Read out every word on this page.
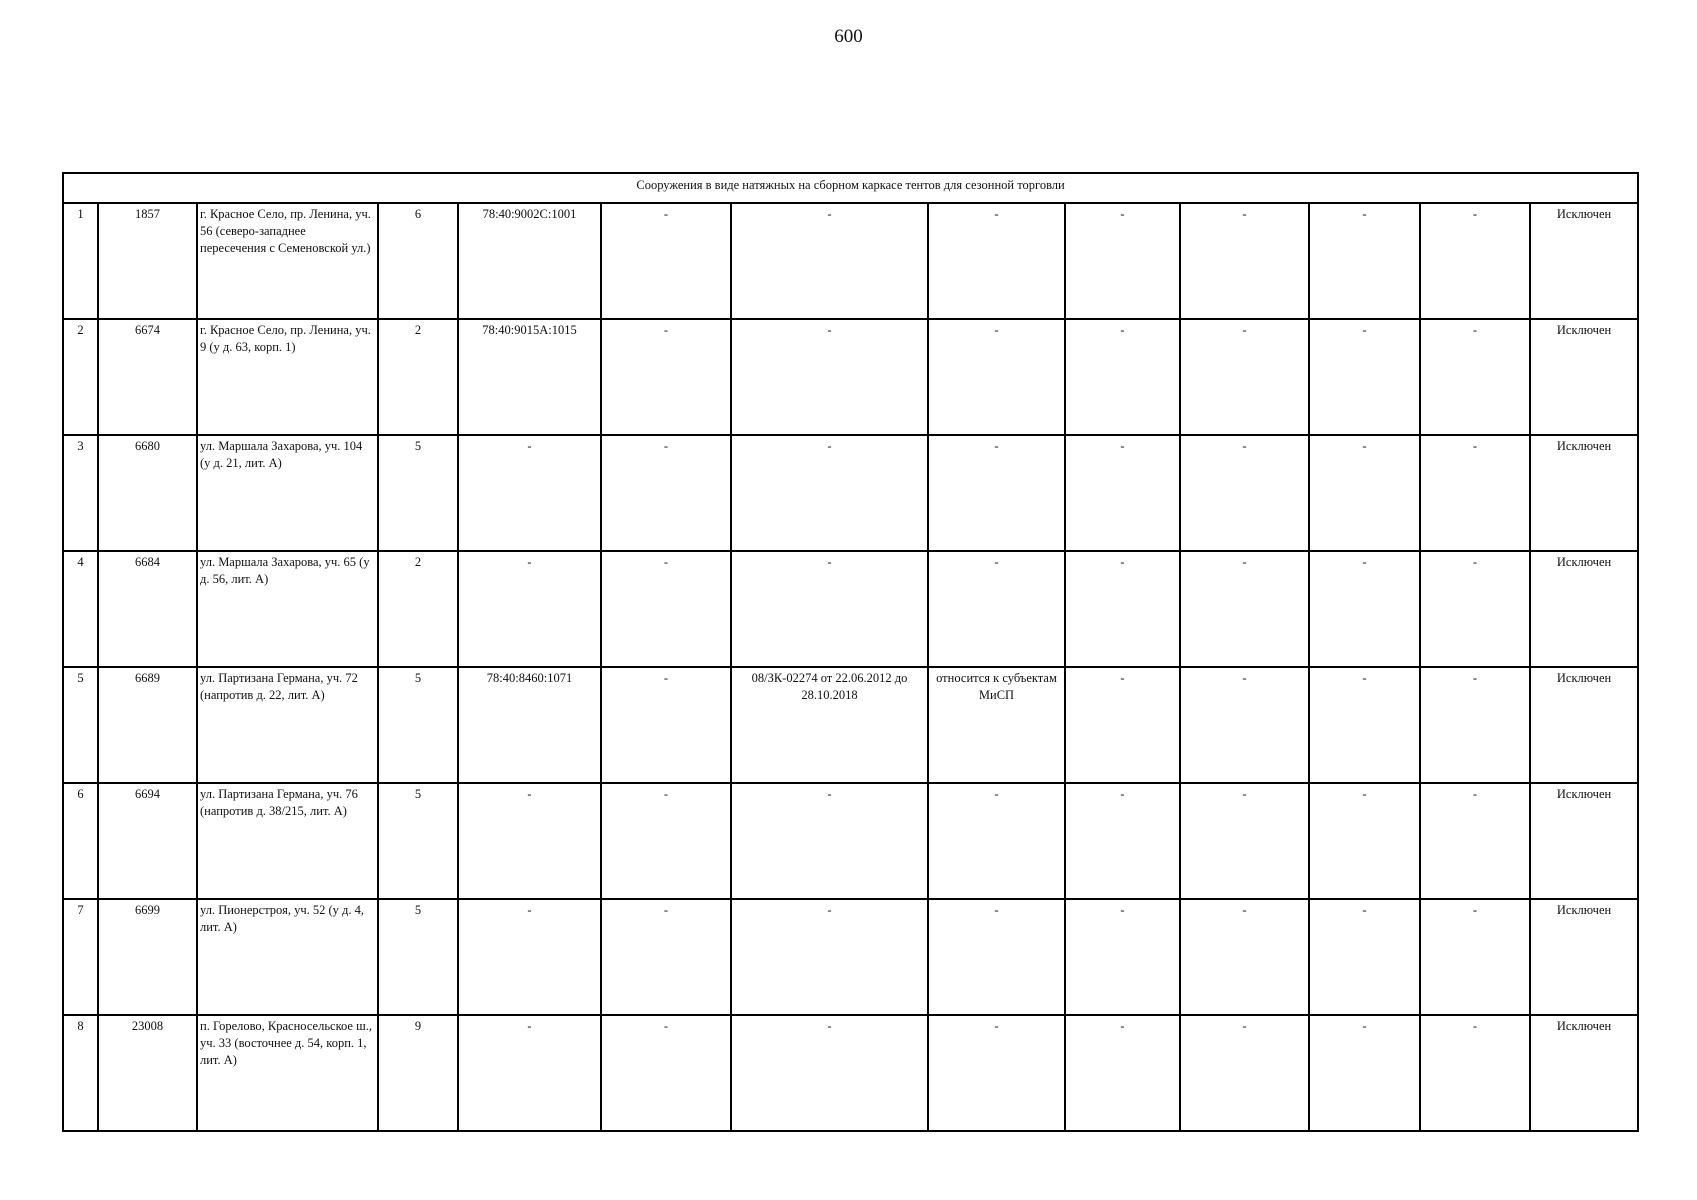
600
Сооружения в виде натяжных на сборном каркасе тентов для сезонной торговли												
1	1857	г. Красное Село, пр. Ленина, уч. 56 (северо-западнее пересечения с Семеновской ул.)	6	78:40:9002С:1001	-	-	-	-	-	-	-	Исключен
2	6674	г. Красное Село, пр. Ленина, уч. 9 (у д. 63, корп. 1)	2	78:40:9015А:1015	-	-	-	-	-	-	-	Исключен
3	6680	ул. Маршала Захарова, уч. 104 (у д. 21, лит. А)	5	-	-	-	-	-	-	-	-	Исключен
4	6684	ул. Маршала Захарова, уч. 65 (у д. 56, лит. А)	2	-	-	-	-	-	-	-	-	Исключен
5	6689	ул. Партизана Германа, уч. 72 (напротив д. 22, лит. А)	5	78:40:8460:1071	-	08/ЗК-02274 от 22.06.2012 до 28.10.2018	относится к субъектам МиСП	-	-	-	-	Исключен
6	6694	ул. Партизана Германа, уч. 76 (напротив д. 38/215, лит. А)	5	-	-	-	-	-	-	-	-	Исключен
7	6699	ул. Пионерстроя, уч. 52 (у д. 4, лит. А)	5	-	-	-	-	-	-	-	-	Исключен
8	23008	п. Горелово, Красносельское ш., уч. 33 (восточнее д. 54, корп. 1, лит. А)	9	-	-	-	-	-	-	-	-	Исключен
